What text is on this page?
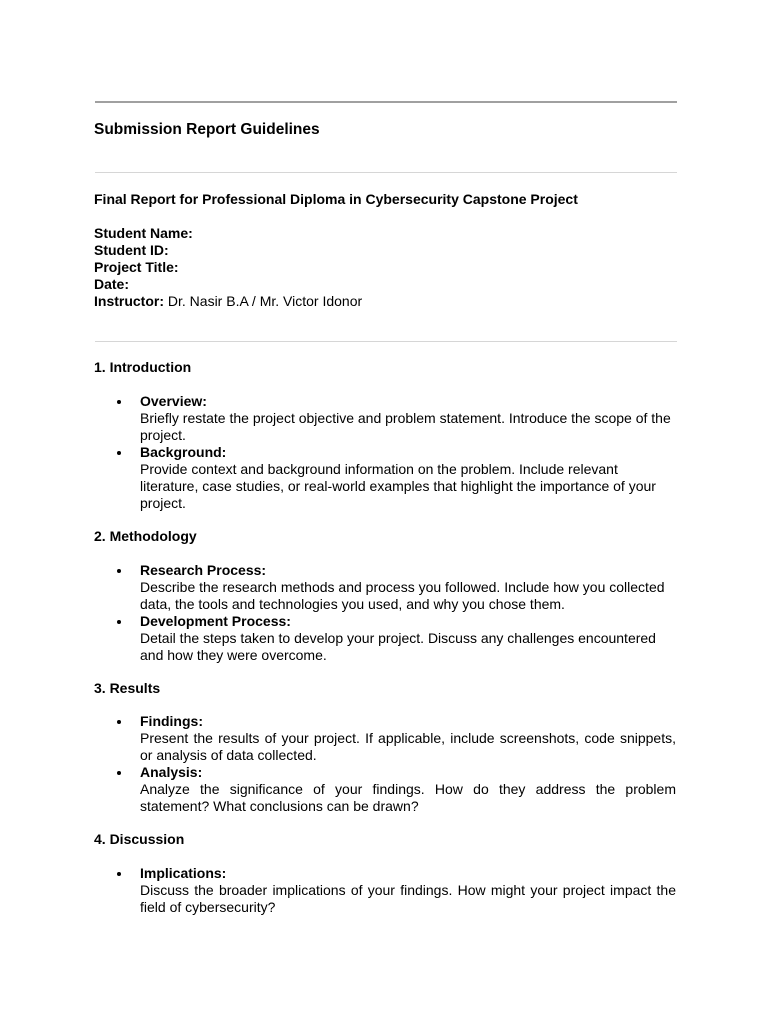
Submission Report Guidelines

Final Report for Professional Diploma in Cybersecurity Capstone Project

Student Name:
Student ID:
Project Title:
Date:
Instructor: Dr. Nasir B.A / Mr. Victor Idonor

1. Introduction

Overview:
Briefly restate the project objective and problem statement. Introduce the scope of the project.
Background:
Provide context and background information on the problem. Include relevant literature, case studies, or real-world examples that highlight the importance of your project.

2. Methodology

Research Process:
Describe the research methods and process you followed. Include how you collected data, the tools and technologies you used, and why you chose them.
Development Process:
Detail the steps taken to develop your project. Discuss any challenges encountered and how they were overcome.

3. Results

Findings:
Present the results of your project. If applicable, include screenshots, code snippets, or analysis of data collected.
Analysis:
Analyze the significance of your findings. How do they address the problem statement? What conclusions can be drawn?

4. Discussion

Implications:
Discuss the broader implications of your findings. How might your project impact the field of cybersecurity?
